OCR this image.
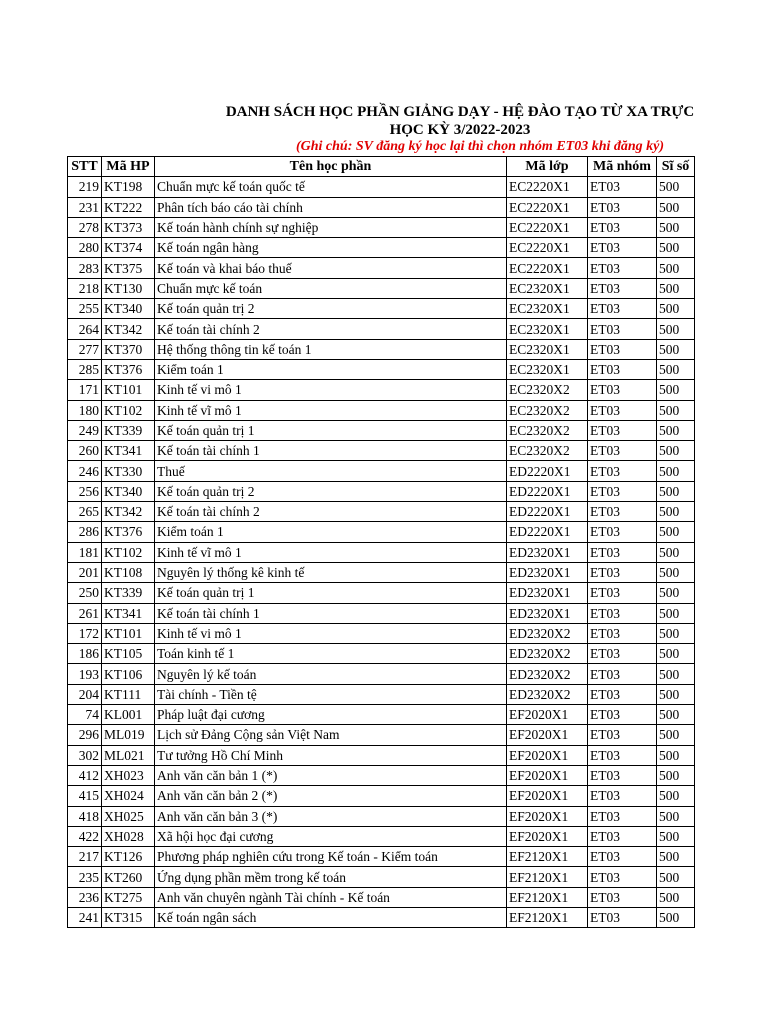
DANH SÁCH HỌC PHẦN GIẢNG DẠY - HỆ ĐÀO TẠO TỪ XA TRỰC
HỌC KỲ 3/2022-2023
(Ghi chú: SV đăng ký học lại thì chọn nhóm ET03 khi đăng ký)
STT	Mã HP	Tên học phần	Mã lớp	Mã nhóm	Sĩ số
219	KT198	Chuẩn mực kế toán quốc tế	EC2220X1	ET03	500
231	KT222	Phân tích báo cáo tài chính	EC2220X1	ET03	500
278	KT373	Kế toán hành chính sự nghiệp	EC2220X1	ET03	500
280	KT374	Kế toán ngân hàng	EC2220X1	ET03	500
283	KT375	Kế toán và khai báo thuế	EC2220X1	ET03	500
218	KT130	Chuẩn mực kế toán	EC2320X1	ET03	500
255	KT340	Kế toán quản trị 2	EC2320X1	ET03	500
264	KT342	Kế toán tài chính 2	EC2320X1	ET03	500
277	KT370	Hệ thống thông tin kế toán 1	EC2320X1	ET03	500
285	KT376	Kiểm toán 1	EC2320X1	ET03	500
171	KT101	Kinh tế vi mô 1	EC2320X2	ET03	500
180	KT102	Kinh tế vĩ mô 1	EC2320X2	ET03	500
249	KT339	Kế toán quản trị 1	EC2320X2	ET03	500
260	KT341	Kế toán tài chính 1	EC2320X2	ET03	500
246	KT330	Thuế	ED2220X1	ET03	500
256	KT340	Kế toán quản trị 2	ED2220X1	ET03	500
265	KT342	Kế toán tài chính 2	ED2220X1	ET03	500
286	KT376	Kiểm toán 1	ED2220X1	ET03	500
181	KT102	Kinh tế vĩ mô 1	ED2320X1	ET03	500
201	KT108	Nguyên lý thống kê kinh tế	ED2320X1	ET03	500
250	KT339	Kế toán quản trị 1	ED2320X1	ET03	500
261	KT341	Kế toán tài chính 1	ED2320X1	ET03	500
172	KT101	Kinh tế vi mô 1	ED2320X2	ET03	500
186	KT105	Toán kinh tế 1	ED2320X2	ET03	500
193	KT106	Nguyên lý kế toán	ED2320X2	ET03	500
204	KT111	Tài chính - Tiền tệ	ED2320X2	ET03	500
74	KL001	Pháp luật đại cương	EF2020X1	ET03	500
296	ML019	Lịch sử Đảng Cộng sản Việt Nam	EF2020X1	ET03	500
302	ML021	Tư tưởng Hồ Chí Minh	EF2020X1	ET03	500
412	XH023	Anh văn căn bản 1 (*)	EF2020X1	ET03	500
415	XH024	Anh văn căn bản 2 (*)	EF2020X1	ET03	500
418	XH025	Anh văn căn bản 3 (*)	EF2020X1	ET03	500
422	XH028	Xã hội học đại cương	EF2020X1	ET03	500
217	KT126	Phương pháp nghiên cứu trong Kế toán - Kiểm toán	EF2120X1	ET03	500
235	KT260	Ứng dụng phần mềm trong kế toán	EF2120X1	ET03	500
236	KT275	Anh văn chuyên ngành Tài chính - Kế toán	EF2120X1	ET03	500
241	KT315	Kế toán ngân sách	EF2120X1	ET03	500
